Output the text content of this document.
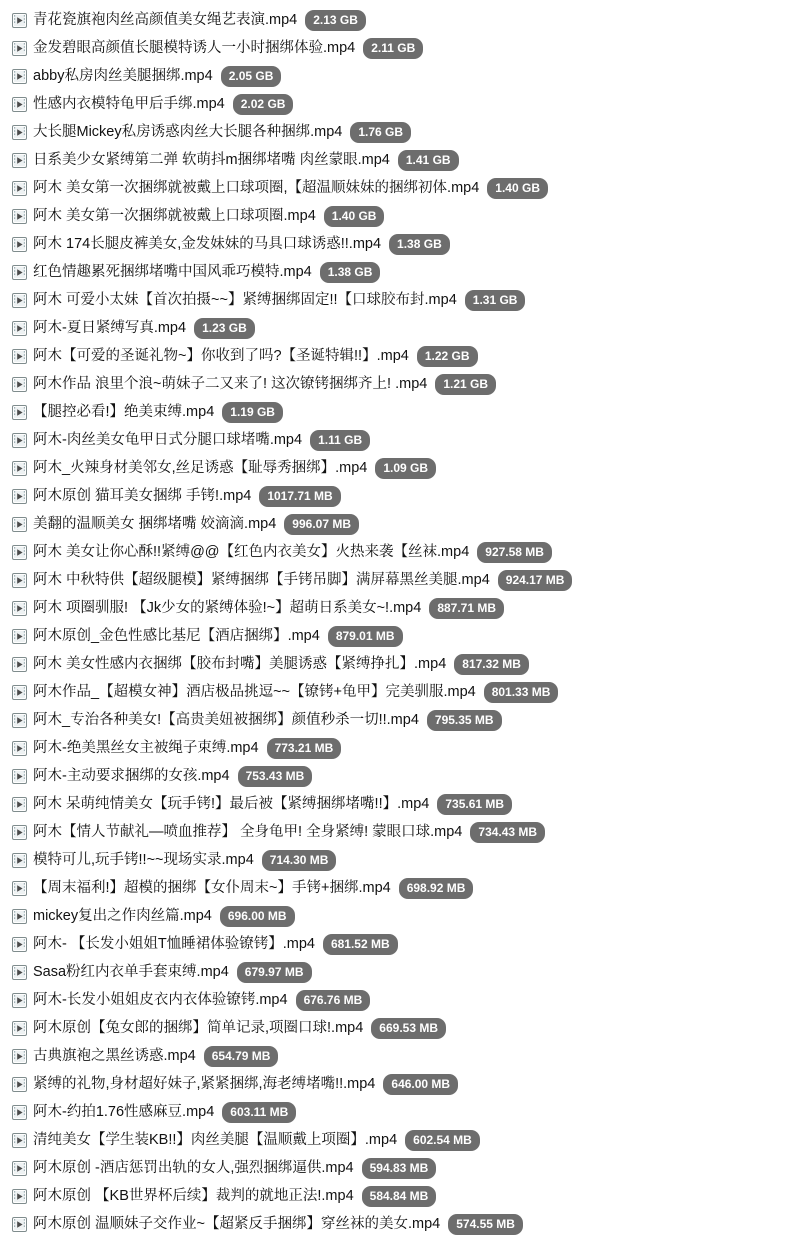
青花瓷旗袍肉丝高颜值美女绳艺表演.mp4	2.13 GB
金发碧眼高颜值长腿模特诱人一小时捆绑体验.mp4	2.11 GB
abby私房肉丝美腿捆绑.mp4	2.05 GB
性感内衣模特龟甲后手绑.mp4	2.02 GB
大长腿Mickey私房诱惑肉丝大长腿各种捆绑.mp4	1.76 GB
日系美少女紧缚第二弹 软萌抖m捆绑堵嘴 肉丝蒙眼.mp4	1.41 GB
阿木 美女第一次捆绑就被戴上口球项圈,【超温顺妹妹的捆绑初体.mp4	1.40 GB
阿木 美女第一次捆绑就被戴上口球项圈.mp4	1.40 GB
阿木 174长腿皮裤美女,金发妹妹的马具口球诱惑!!.mp4	1.38 GB
红色情趣累死捆绑堵嘴中国风乖巧模特.mp4	1.38 GB
阿木 可爱小太妹【首次拍摄~~】紧缚捆绑固定!!【口球胶布封.mp4	1.31 GB
阿木-夏日紧缚写真.mp4	1.23 GB
阿木【可爱的圣诞礼物~】你收到了吗?【圣诞特辑!!】.mp4	1.22 GB
阿木作品 浪里个浪~萌妹子二又来了! 这次镣铐捆绑齐上! .mp4	1.21 GB
【腿控必看!】绝美束缚.mp4	1.19 GB
阿木-肉丝美女龟甲日式分腿口球堵嘴.mp4	1.11 GB
阿木_火辣身材美邻女,丝足诱惑【耻辱秀捆绑】.mp4	1.09 GB
阿木原创 猫耳美女捆绑 手铐!.mp4	1017.71 MB
美翻的温顺美女 捆绑堵嘴 姣滴滴.mp4	996.07 MB
阿木 美女让你心酥!!紧缚@@【红色内衣美女】火热来袭【丝袜.mp4	927.58 MB
阿木 中秋特供【超级腿模】紧缚捆绑【手铐吊脚】满屏幕黑丝美腿.mp4	924.17 MB
阿木 项圈驯服! 【Jk少女的紧缚体验!~】超萌日系美女~!.mp4	887.71 MB
阿木原创_金色性感比基尼【酒店捆绑】.mp4	879.01 MB
阿木 美女性感内衣捆绑【胶布封嘴】美腿诱惑【紧缚挣扎】.mp4	817.32 MB
阿木作品_【超模女神】酒店极品挑逗~~【镣铐+龟甲】完美驯服.mp4	801.33 MB
阿木_专治各种美女!【高贵美妞被捆绑】颜值秒杀一切!!.mp4	795.35 MB
阿木-绝美黑丝女主被绳子束缚.mp4	773.21 MB
阿木-主动要求捆绑的女孩.mp4	753.43 MB
阿木 呆萌纯情美女【玩手铐!】最后被【紧缚捆绑堵嘴!!】.mp4	735.61 MB
阿木【情人节献礼—喷血推荐】 全身龟甲! 全身紧缚! 蒙眼口球.mp4	734.43 MB
模特可儿,玩手铐!!~~现场实录.mp4	714.30 MB
【周末福利!】超模的捆绑【女仆周末~】手铐+捆绑.mp4	698.92 MB
mickey复出之作肉丝篇.mp4	696.00 MB
阿木- 【长发小姐姐T恤睡裙体验镣铐】.mp4	681.52 MB
Sasa粉红内衣单手套束缚.mp4	679.97 MB
阿木-长发小姐姐皮衣内衣体验镣铐.mp4	676.76 MB
阿木原创【兔女郎的捆绑】简单记录,项圈口球!.mp4	669.53 MB
古典旗袍之黑丝诱惑.mp4	654.79 MB
紧缚的礼物,身材超好妹子,紧紧捆绑,海老缚堵嘴!!.mp4	646.00 MB
阿木-约拍1.76性感麻豆.mp4	603.11 MB
清纯美女【学生装KB!!】肉丝美腿【温顺戴上项圈】.mp4	602.54 MB
阿木原创 -酒店惩罚出轨的女人,强烈捆绑逼供.mp4	594.83 MB
阿木原创 【KB世界杯后续】裁判的就地正法!.mp4	584.84 MB
阿木原创 温顺妹子交作业~【超紧反手捆绑】穿丝袜的美女.mp4	574.55 MB
